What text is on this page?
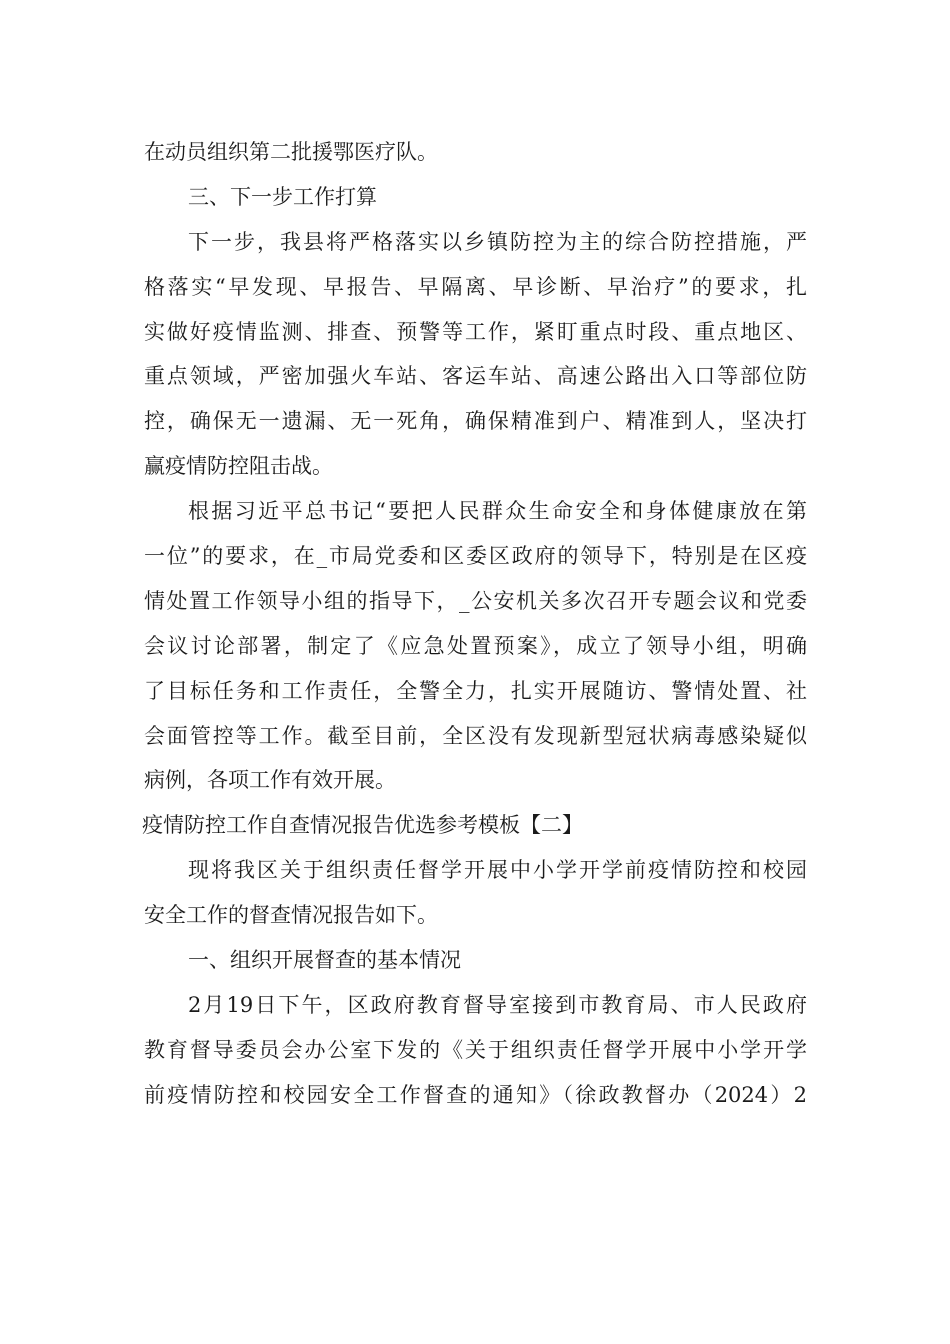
在动员组织第二批援鄂医疗队。
三、下一步工作打算
下一步，我县将严格落实以乡镇防控为主的综合防控措施，严
格落实“早发现、早报告、早隔离、早诊断、早治疗”的要求，扎
实做好疫情监测、排查、预警等工作，紧盯重点时段、重点地区、
重点领域，严密加强火车站、客运车站、高速公路出入口等部位防
控，确保无一遗漏、无一死角，确保精准到户、精准到人，坚决打
赢疫情防控阻击战。
根据习近平总书记“要把人民群众生命安全和身体健康放在第
一位”的要求，在_市局党委和区委区政府的领导下，特别是在区疫
情处置工作领导小组的指导下，_公安机关多次召开专题会议和党委
会议讨论部署，制定了《应急处置预案》，成立了领导小组，明确
了目标任务和工作责任，全警全力，扎实开展随访、警情处置、社
会面管控等工作。截至目前，全区没有发现新型冠状病毒感染疑似
病例，各项工作有效开展。
疫情防控工作自查情况报告优选参考模板【二】
现将我区关于组织责任督学开展中小学开学前疫情防控和校园
安全工作的督查情况报告如下。
一、组织开展督查的基本情况
2月19日下午，区政府教育督导室接到市教育局、市人民政府
教育督导委员会办公室下发的《关于组织责任督学开展中小学开学
前疫情防控和校园安全工作督查的通知》（徐政教督办（2024）2
